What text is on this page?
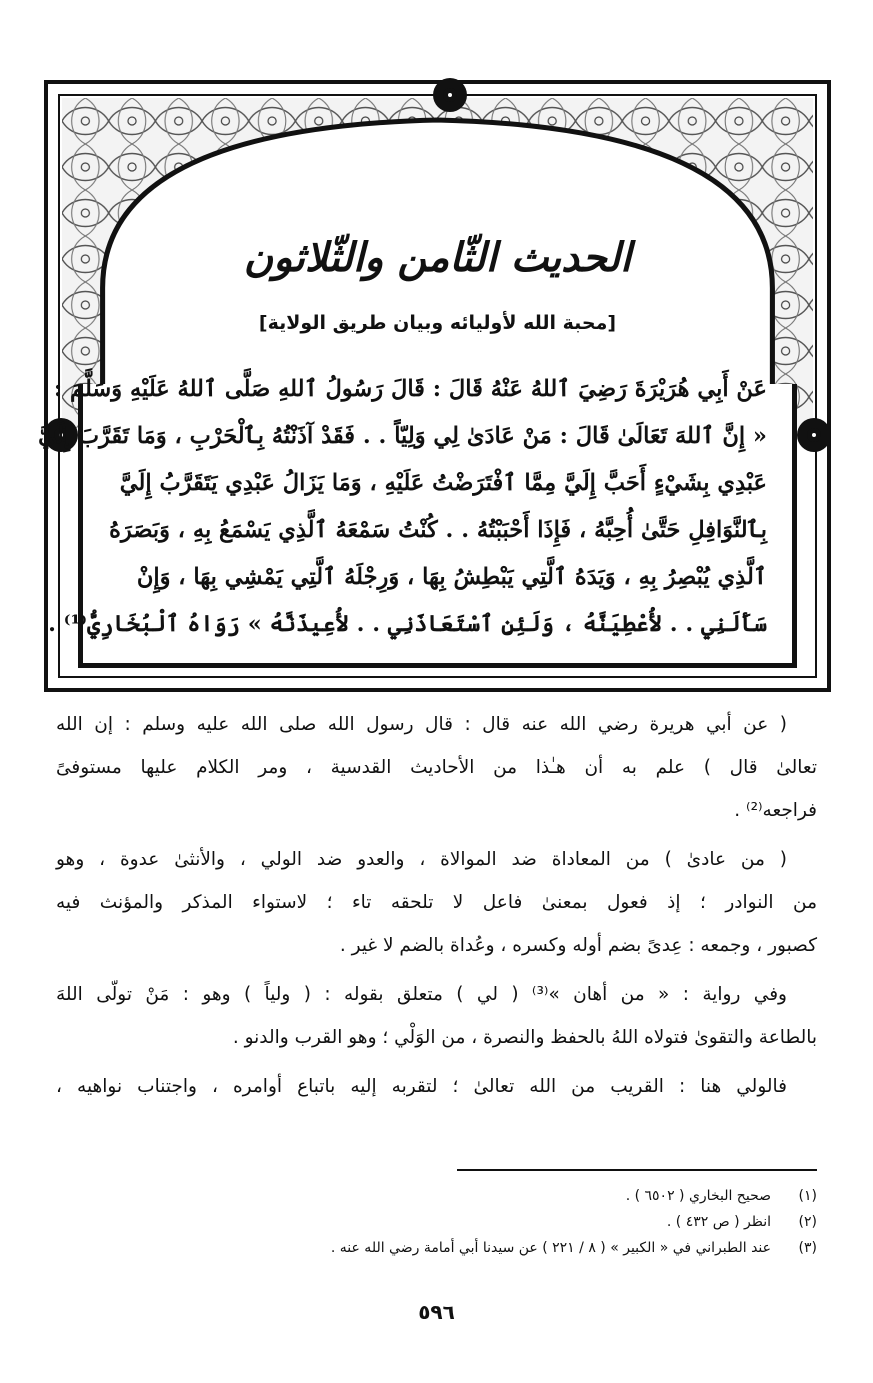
الحديث الثّامن والثّلاثون
[محبة الله لأوليائه وبيان طريق الولاية]
عَنْ أَبِي هُرَيْرَةَ رَضِيَ ٱللهُ عَنْهُ قَالَ : قَالَ رَسُولُ ٱللهِ صَلَّى ٱللهُ عَلَيْهِ وَسَلَّمَ :
« إِنَّ ٱللهَ تَعَالَىٰ قَالَ : مَنْ عَادَىٰ لِي وَلِيّاً . . فَقَدْ آذَنْتُهُ بِٱلْحَرْبِ ، وَمَا تَقَرَّبَ إِلَيَّ
عَبْدِي بِشَيْءٍ أَحَبَّ إِلَيَّ مِمَّا ٱفْتَرَضْتُ عَلَيْهِ ، وَمَا يَزَالُ عَبْدِي يَتَقَرَّبُ إِلَيَّ
بِٱلنَّوَافِلِ حَتَّىٰ أُحِبَّهُ ، فَإِذَا أَحْبَبْتُهُ . . كُنْتُ سَمْعَهُ ٱلَّذِي يَسْمَعُ بِهِ ، وَبَصَرَهُ
ٱلَّذِي يُبْصِرُ بِهِ ، وَيَدَهُ ٱلَّتِي يَبْطِشُ بِهَا ، وَرِجْلَهُ ٱلَّتِي يَمْشِي بِهَا ، وَإِنْ
سَأَلَنِي . . لأُعْطِيَنَّهُ ، وَلَئِنِ ٱسْتَعَاذَنِي . . لأُعِيذَنَّهُ » رَوَاهُ ٱلْبُخَارِيُّ⁽¹⁾ .
( عن أبي هريرة رضي الله عنه قال : قال رسول الله صلى الله عليه وسلم : إن الله
تعالىٰ قال ) علم به أن هـٰذا من الأحاديث القدسية ، ومر الكلام عليها مستوفىً
فراجعه⁽²⁾ .
( من عادىٰ ) من المعاداة ضد الموالاة ، والعدو ضد الولي ، والأنثىٰ عدوة ، وهو
من النوادر ؛ إذ فعول بمعنىٰ فاعل لا تلحقه تاء ؛ لاستواء المذكر والمؤنث فيه
كصبور ، وجمعه : عِدىً بضم أوله وكسره ، وعُداة بالضم لا غير .
وفي رواية : « من أهان »⁽³⁾ ( لي ) متعلق بقوله : ( ولياً ) وهو : مَنْ تولّى اللهَ
بالطاعة والتقوىٰ فتولاه اللهُ بالحفظ والنصرة ، من الوَلْي ؛ وهو القرب والدنو .
فالولي هنا : القريب من الله تعالىٰ ؛ لتقربه إليه باتباع أوامره ، واجتناب نواهيه ،
(١)
صحيح البخاري ( ٦٥٠٢ ) .
(٢)
انظر ( ص ٤٣٢ ) .
(٣)
عند الطبراني في « الكبير » ( ٨ / ٢٢١ ) عن سيدنا أبي أمامة رضي الله عنه .
٥٩٦
